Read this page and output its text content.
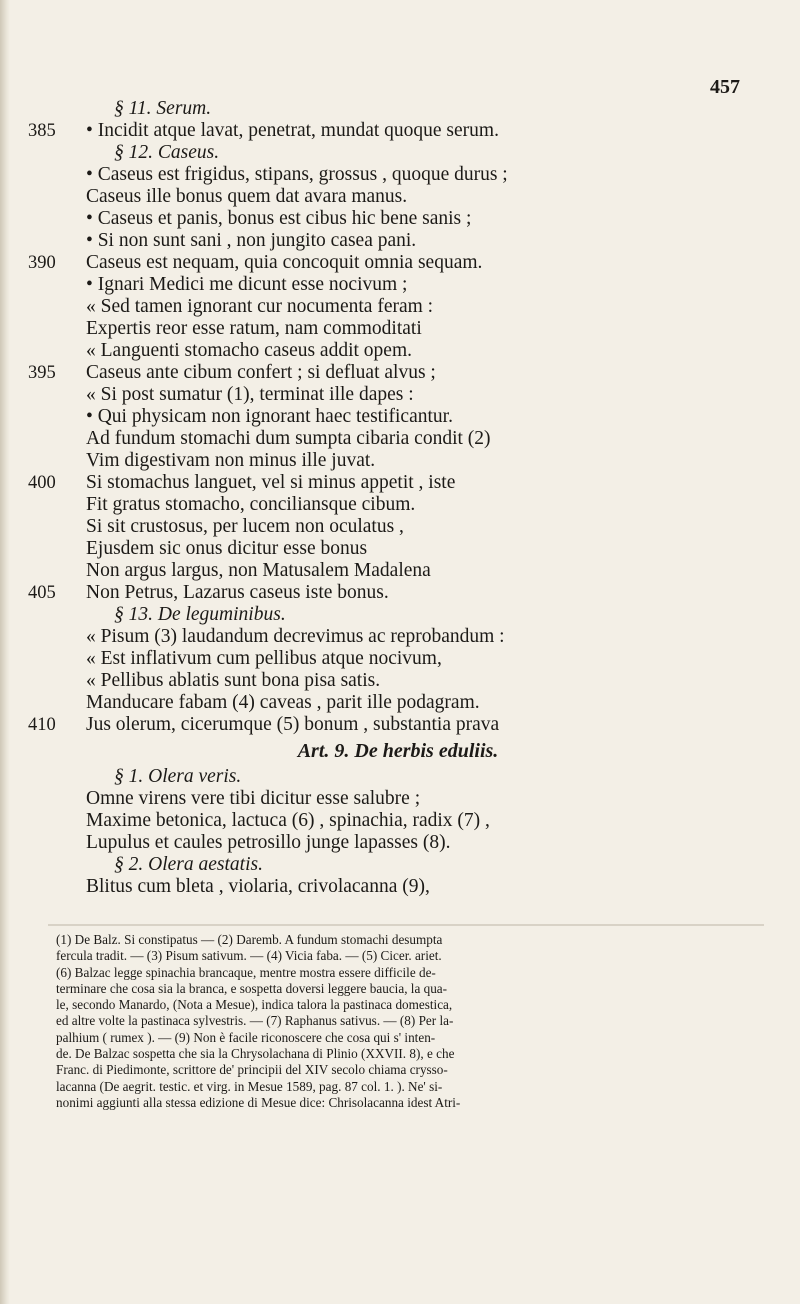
457
§ 11. Serum.
385	• Incidit atque lavat, penetrat, mundat quoque serum.
§ 12. Caseus.
• Caseus est frigidus, stipans, grossus , quoque durus ;
Caseus ille bonus quem dat avara manus.
• Caseus et panis, bonus est cibus hic bene sanis ;
• Si non sunt sani , non jungito casea pani.
390	Caseus est nequam, quia concoquit omnia sequam.
• Ignari Medici me dicunt esse nocivum ;
« Sed tamen ignorant cur nocumenta feram :
Expertis reor esse ratum, nam commoditati
« Languenti stomacho caseus addit opem.
395	Caseus ante cibum confert ; si defluat alvus ;
« Si post sumatur (1), terminat ille dapes :
• Qui physicam non ignorant haec testificantur.
Ad fundum stomachi dum sumpta cibaria condit (2)
Vim digestivam non minus ille juvat.
400	Si stomachus languet, vel si minus appetit , iste
Fit gratus stomacho, conciliansque cibum.
Si sit crustosus, per lucem non oculatus ,
Ejusdem sic onus dicitur esse bonus
Non argus largus, non Matusalem Madalena
405	Non Petrus, Lazarus caseus iste bonus.
§ 13. De leguminibus.
« Pisum (3) laudandum decrevimus ac reprobandum :
« Est inflativum cum pellibus atque nocivum,
« Pellibus ablatis sunt bona pisa satis.
Manducare fabam (4) caveas , parit ille podagram.
410	Jus olerum, cicerumque (5) bonum , substantia prava
Art. 9. De herbis eduliis.
§ 1. Olera veris.
Omne virens vere tibi dicitur esse salubre ;
Maxime betonica, lactuca (6) , spinachia, radix (7) ,
Lupulus et caules petrosillo junge lapasses (8).
§ 2. Olera aestatis.
Blitus cum bleta , violaria, crivolacanna (9),
(1) De Balz. Si constipatus — (2) Daremb. A fundum stomachi desumpta
fercula tradit. — (3) Pisum sativum. — (4) Vicia faba. — (5) Cicer. ariet.
(6) Balzac legge spinachia brancaque, mentre mostra essere difficile de-
terminare che cosa sia la branca, e sospetta doversi leggere baucia, la qua-
le, secondo Manardo, (Nota a Mesue), indica talora la pastinaca domestica,
ed altre volte la pastinaca sylvestris. — (7) Raphanus sativus. — (8) Per la-
palhium ( rumex ). — (9) Non è facile riconoscere che cosa qui s' inten-
de. De Balzac sospetta che sia la Chrysolachana di Plinio (XXVII. 8), e che
Franc. di Piedimonte, scrittore de' principii del XIV secolo chiama crysso-
lacanna (De aegrit. testic. et virg. in Mesue 1589, pag. 87 col. 1. ). Ne' si-
nonimi aggiunti alla stessa edizione di Mesue dice: Chrisolacanna idest Atri-
